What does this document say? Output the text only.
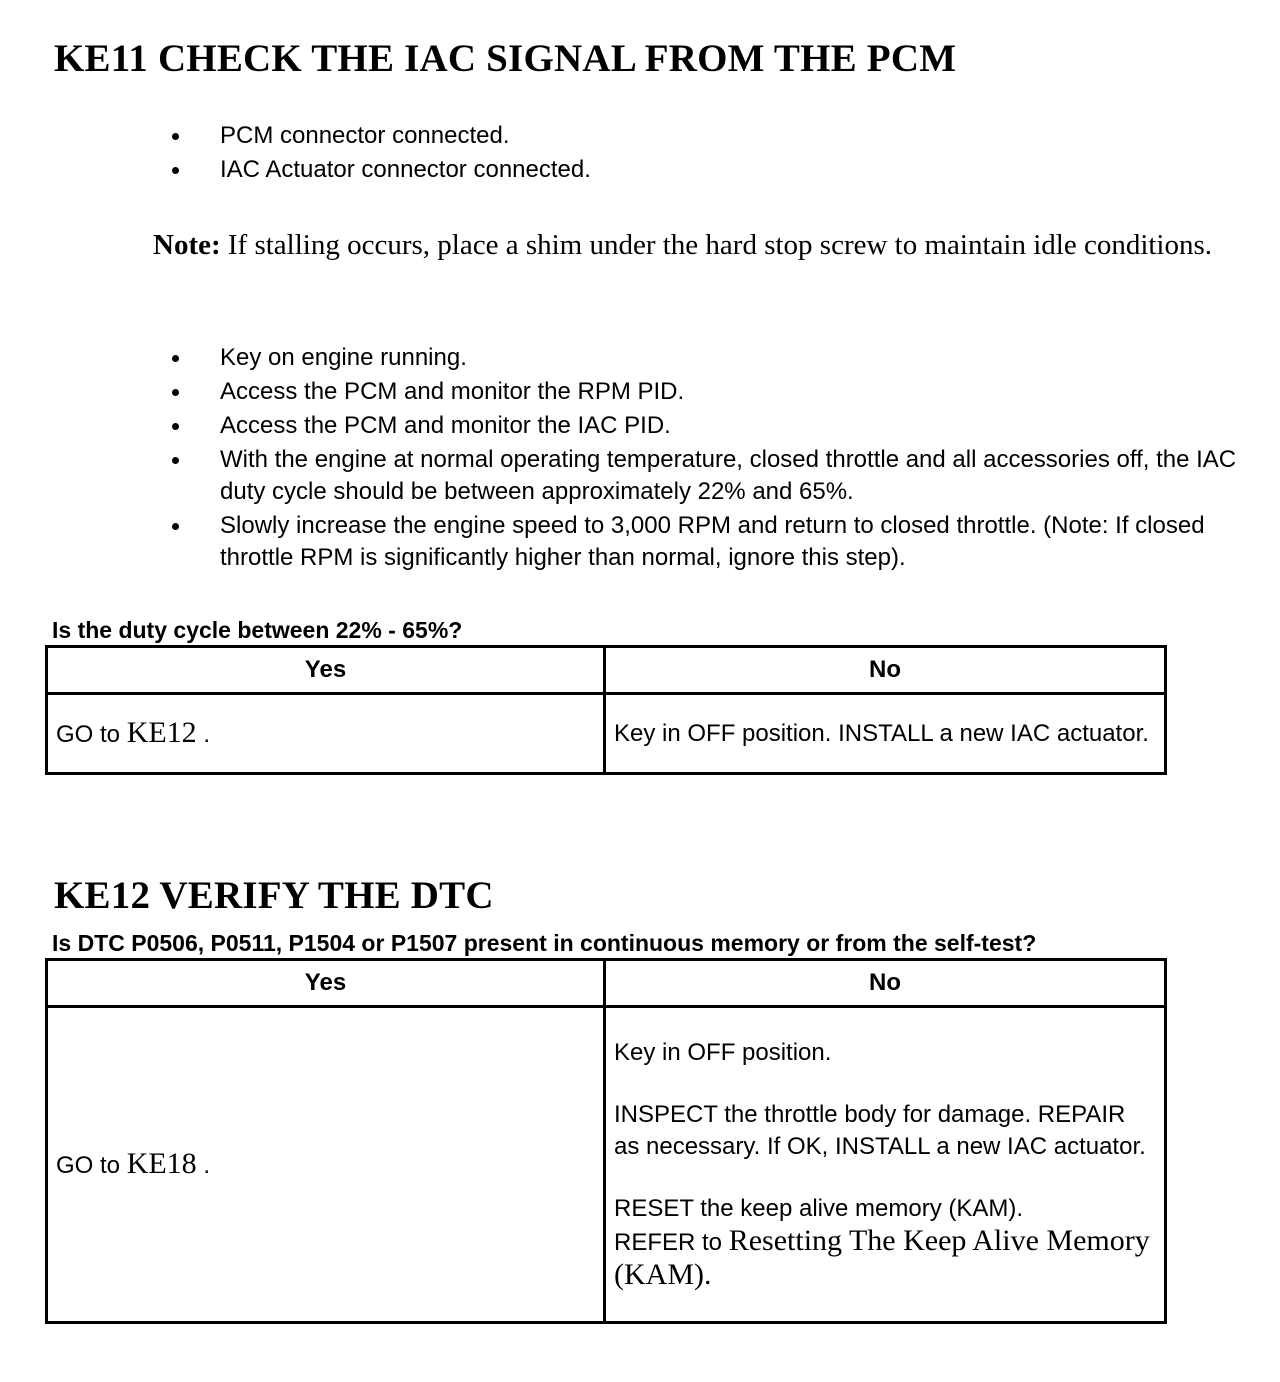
KE11 CHECK THE IAC SIGNAL FROM THE PCM
PCM connector connected.
IAC Actuator connector connected.

Note: If stalling occurs, place a shim under the hard stop screw to maintain idle conditions.

Key on engine running.
Access the PCM and monitor the RPM PID.
Access the PCM and monitor the IAC PID.
With the engine at normal operating temperature, closed throttle and all accessories off, the IAC duty cycle should be between approximately 22% and 65%.
Slowly increase the engine speed to 3,000 RPM and return to closed throttle. (Note: If closed throttle RPM is significantly higher than normal, ignore this step).

Is the duty cycle between 22% - 65%?

Yes	No
GO to KE12 .	Key in OFF position. INSTALL a new IAC actuator.
KE12 VERIFY THE DTC

Is DTC P0506, P0511, P1504 or P1507 present in continuous memory or from the self-test?

Yes	No
GO to KE18 .	Key in OFF position.
INSPECT the throttle body for damage. REPAIR as necessary. If OK, INSTALL a new IAC actuator.
RESET the keep alive memory (KAM).
REFER to Resetting The Keep Alive Memory (KAM).
